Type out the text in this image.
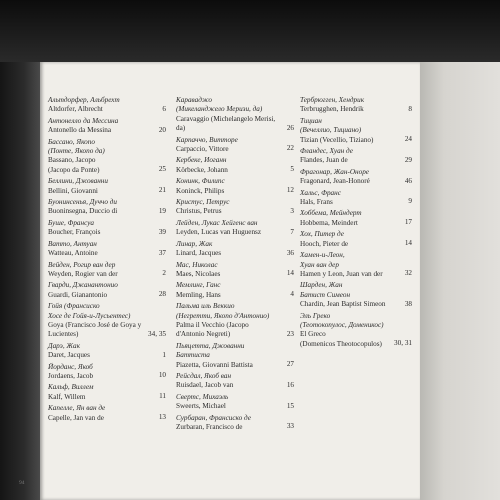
Альтдорфер, Альбрехт
Altdorfer, Albrecht	6
Антонелло да Мессина
Antonello da Messina	20
Бассано, Якопо
(Понте, Якопо да)
Bassano, Jacopo
(Jacopo da Ponte)	25
Беллини, Джованни
Bellini, Giovanni	21
Буонинсенья, Дуччо ди
Buoninsegna, Duccio di	19
Буше, Франсуа
Boucher, François	39
Ватто, Антуан
Watteau, Antoine	37
Вейден, Рогир ван дер
Weyden, Rogier van der	2
Гварди, Джанантонио
Guardi, Gianantonio	28
Гойя (Франсиско
Хосе де Гойя-и-Лусьентес)
Goya (Francisco José de Goya y
Lucientes)	34, 35
Дарэ, Жак
Daret, Jacques	1
Йорданс, Якоб
Jordaens, Jacob	10
Кальф, Виллем
Kalf, Willem	11
Капелле, Ян ван де
Capelle, Jan van de	13
Караваджо
(Микеланджело Меризи, да)
Caravaggio (Michelangelo Merisi,
da)	26
Карпаччо, Витторе
Carpaccio, Vittore	22
Кербеке, Иоганн
Körbecke, Johann	5
Конинк, Филипс
Koninck, Philips	12
Кристус, Петрус
Christus, Petrus	3
Лейден, Лукас Хейгенс ван
Leyden, Lucas van Huguensz	7
Линар, Жак
Linard, Jacques	36
Мас, Николас
Maes, Nicolaes	14
Мемлинг, Ганс
Memling, Hans	4
Пальма иль Веккио
(Негретти, Якопо д'Антонио)
Palma il Vecchio (Jacopo
d'Antonio Negreti)	23
Пьяцетта, Джованни
Баттиста
Piazetta, Giovanni Battista	27
Рейсдал, Якоб ван
Ruisdael, Jacob van	16
Свертс, Михаэль
Sweerts, Michael	15
Сурбаран, Франсиско де
Zurbaran, Francisco de	33
Тербрюгген, Хендрик
Terbrugghen, Hendrik	8
Тициан
(Вечеллио, Тициано)
Tizian (Vecellio, Tiziano)	24
Фландес, Хуан де
Flandes, Juan de	29
Фрагонар, Жан-Оноре
Fragonard, Jean-Honoré	46
Хальс, Франс
Hals, Frans	9
Хоббема, Мейндерт
Hobbema, Meindert	17
Хох, Питер де
Hooch, Pieter de	14
Хамен-и-Леон,
Хуан ван дер
Hamen y Leon, Juan van der	32
Шарден, Жан
Батист Симеон
Chardin, Jean Baptist Simeon	38
Эль Греко
(Теотокопулос, Доменикос)
El Greco
(Domenicos Theotocopulos)	30, 31
94
